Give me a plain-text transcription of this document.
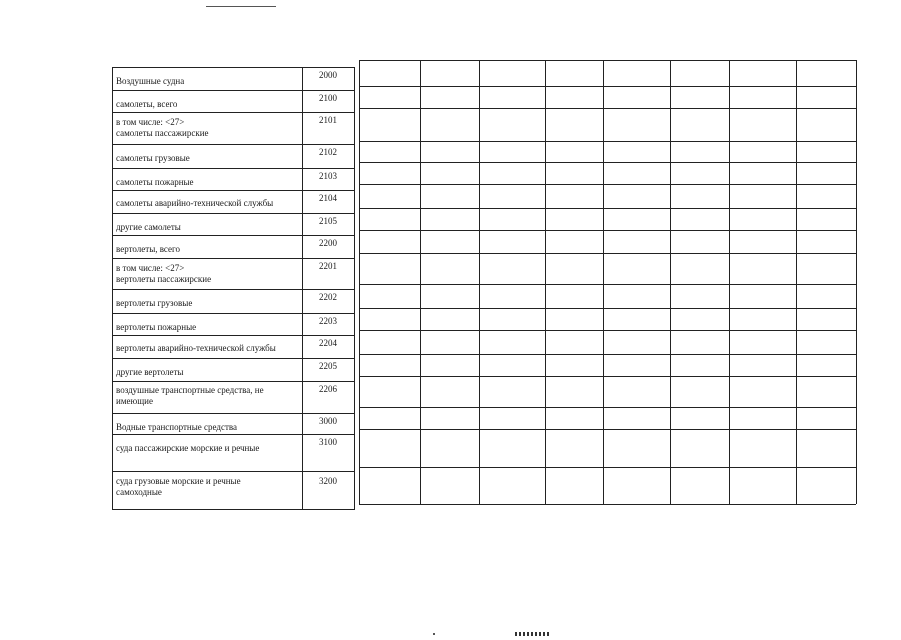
Воздушные судна
2000
самолеты, всего
2100
в том числе: <27>
самолеты пассажирские
2101
самолеты грузовые
2102
самолеты пожарные
2103
самолеты аварийно-технической службы	2104
другие самолеты
2105
вертолеты, всего
2200
в том числе: <27>
вертолеты пассажирские
2201
вертолеты грузовые
2202
вертолеты пожарные
2203
вертолеты аварийно-технической службы	2204
другие вертолеты
2205
воздушные транспортные средства, не
имеющие
2206
Водные транспортные средства
3000
суда пассажирские морские и речные
3100
суда грузовые морские и речные
самоходные
3200
